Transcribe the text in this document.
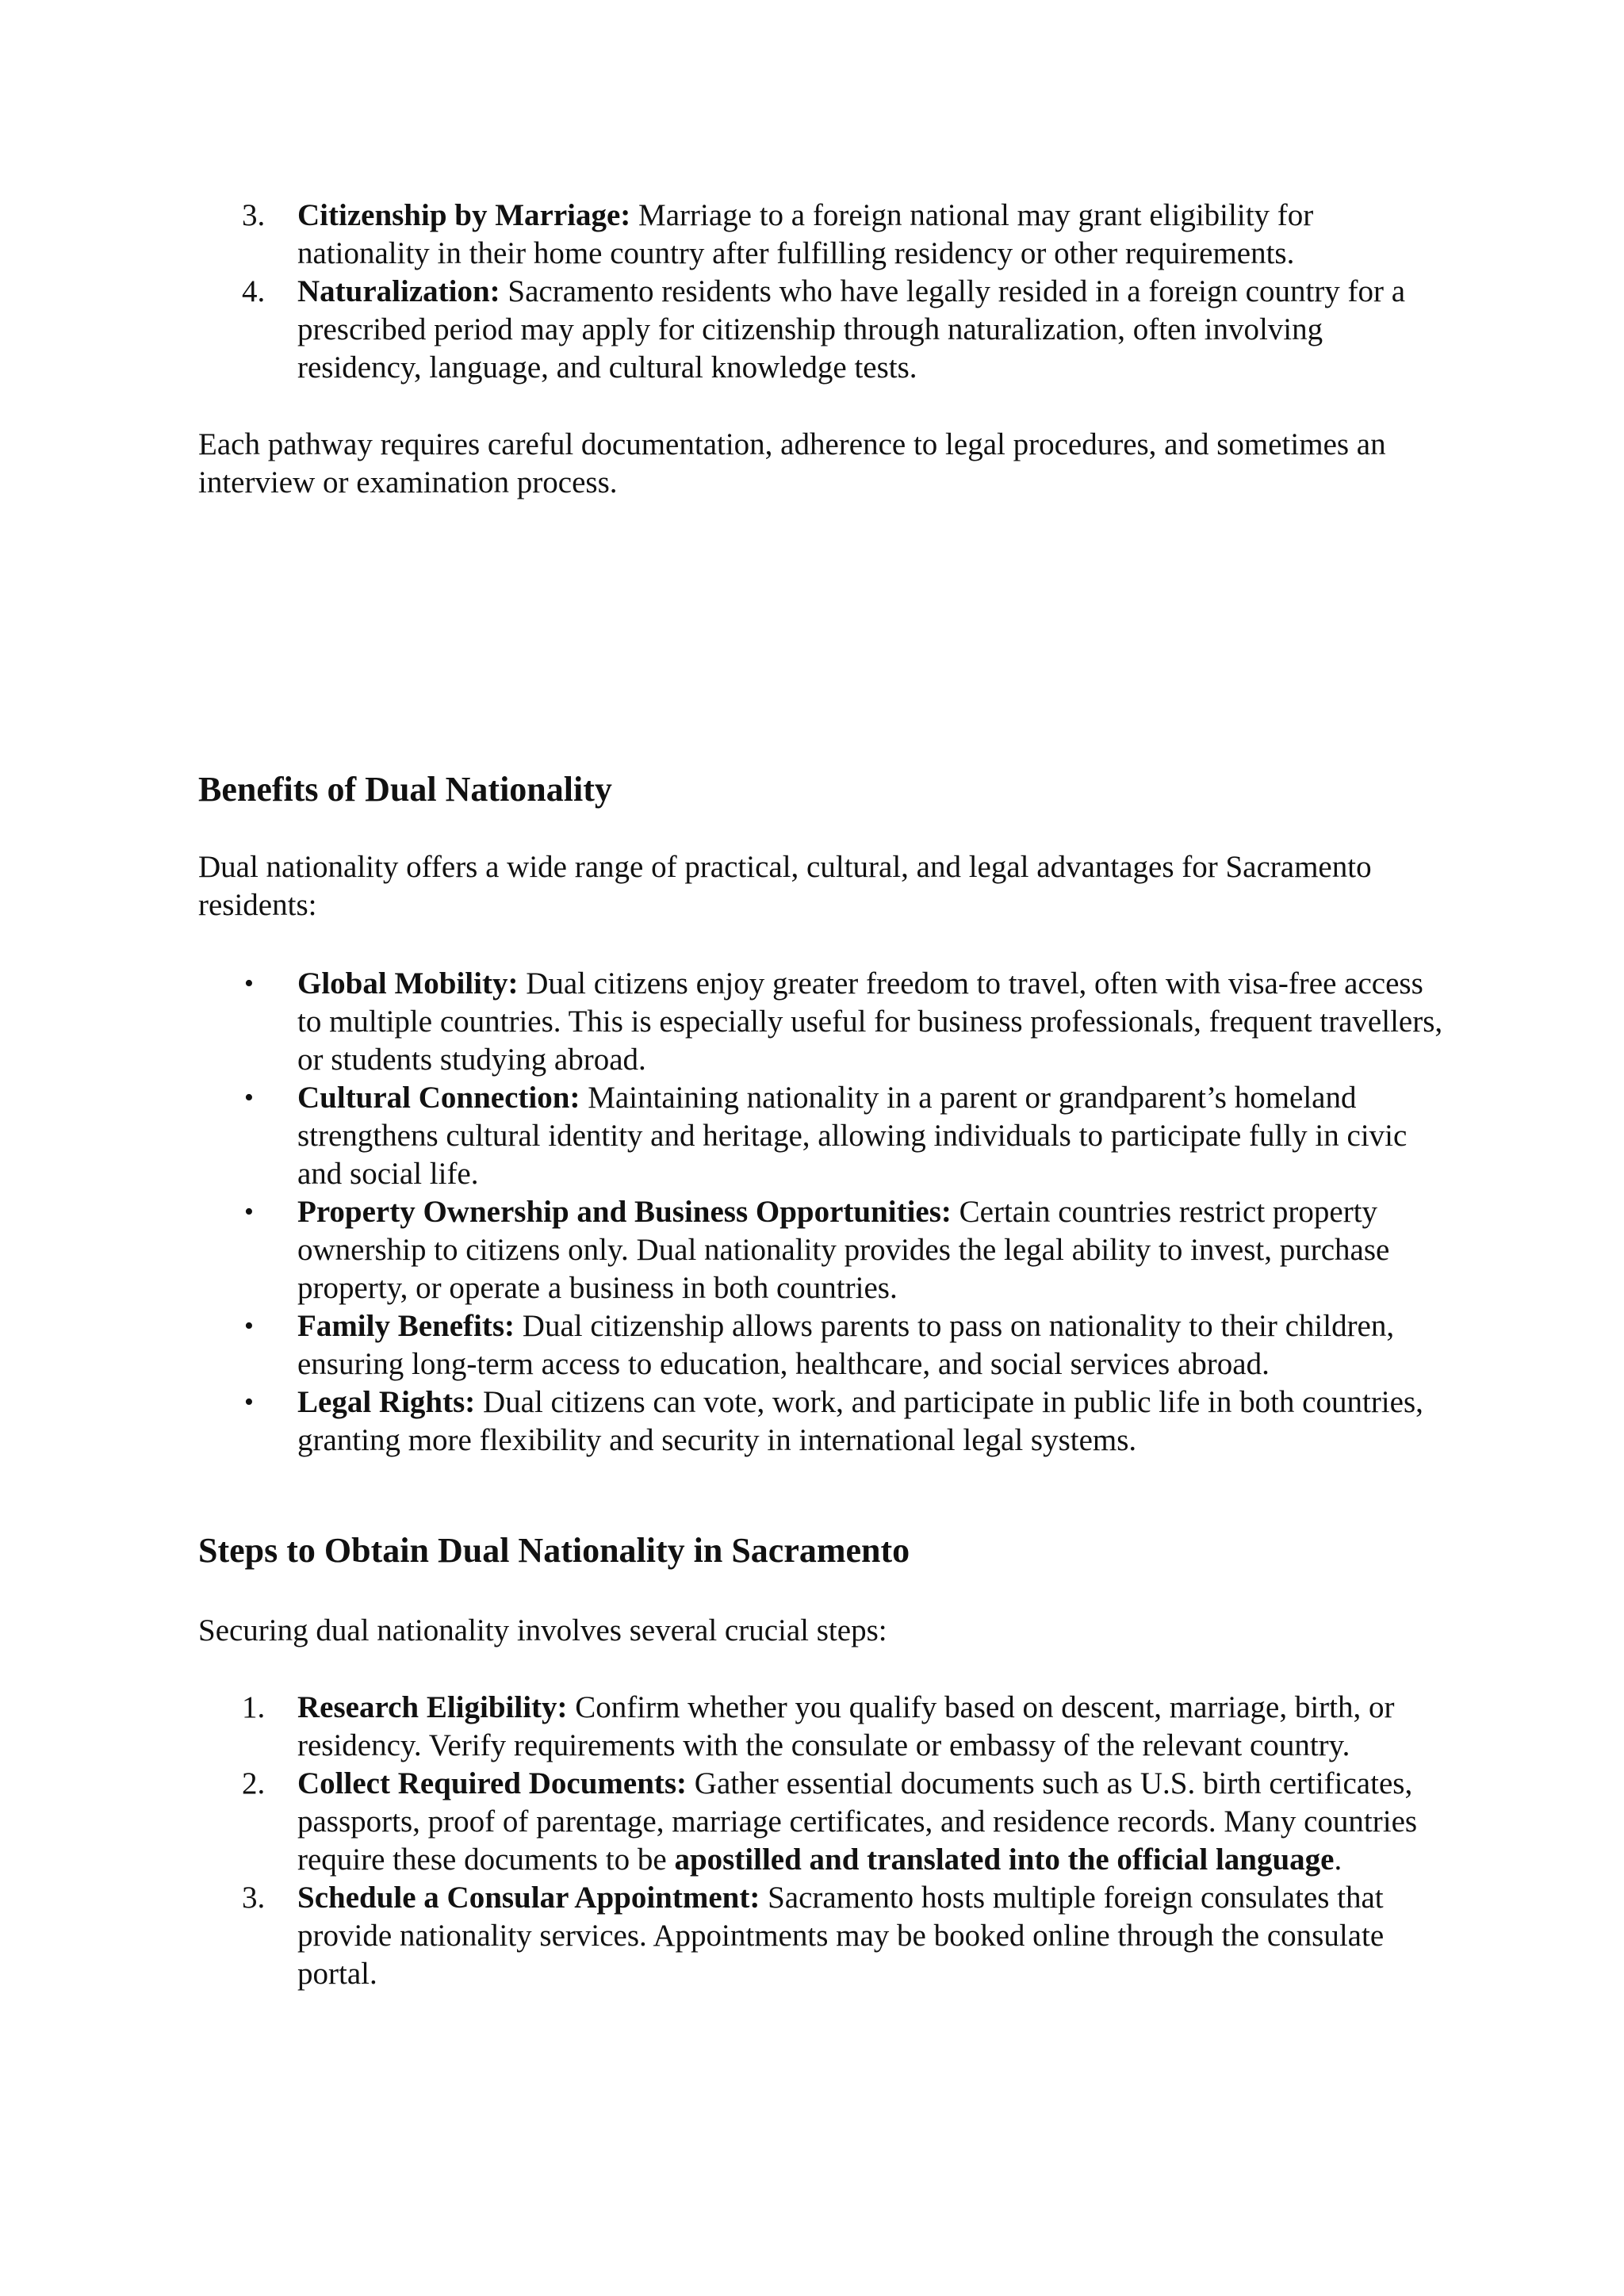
3.	Citizenship by Marriage: Marriage to a foreign national may grant eligibility for nationality in their home country after fulfilling residency or other requirements.
4.	Naturalization: Sacramento residents who have legally resided in a foreign country for a prescribed period may apply for citizenship through naturalization, often involving residency, language, and cultural knowledge tests.

Each pathway requires careful documentation, adherence to legal procedures, and sometimes an interview or examination process.

Benefits of Dual Nationality

Dual nationality offers a wide range of practical, cultural, and legal advantages for Sacramento residents:

• Global Mobility: Dual citizens enjoy greater freedom to travel, often with visa-free access to multiple countries. This is especially useful for business professionals, frequent travellers, or students studying abroad.
• Cultural Connection: Maintaining nationality in a parent or grandparent’s homeland strengthens cultural identity and heritage, allowing individuals to participate fully in civic and social life.
• Property Ownership and Business Opportunities: Certain countries restrict property ownership to citizens only. Dual nationality provides the legal ability to invest, purchase property, or operate a business in both countries.
• Family Benefits: Dual citizenship allows parents to pass on nationality to their children, ensuring long-term access to education, healthcare, and social services abroad.
• Legal Rights: Dual citizens can vote, work, and participate in public life in both countries, granting more flexibility and security in international legal systems.
Steps to Obtain Dual Nationality in Sacramento

Securing dual nationality involves several crucial steps:

1.	Research Eligibility: Confirm whether you qualify based on descent, marriage, birth, or residency. Verify requirements with the consulate or embassy of the relevant country.
2.	Collect Required Documents: Gather essential documents such as U.S. birth certificates, passports, proof of parentage, marriage certificates, and residence records. Many countries require these documents to be apostilled and translated into the official language.
3.	Schedule a Consular Appointment: Sacramento hosts multiple foreign consulates that provide nationality services. Appointments may be booked online through the consulate portal.
